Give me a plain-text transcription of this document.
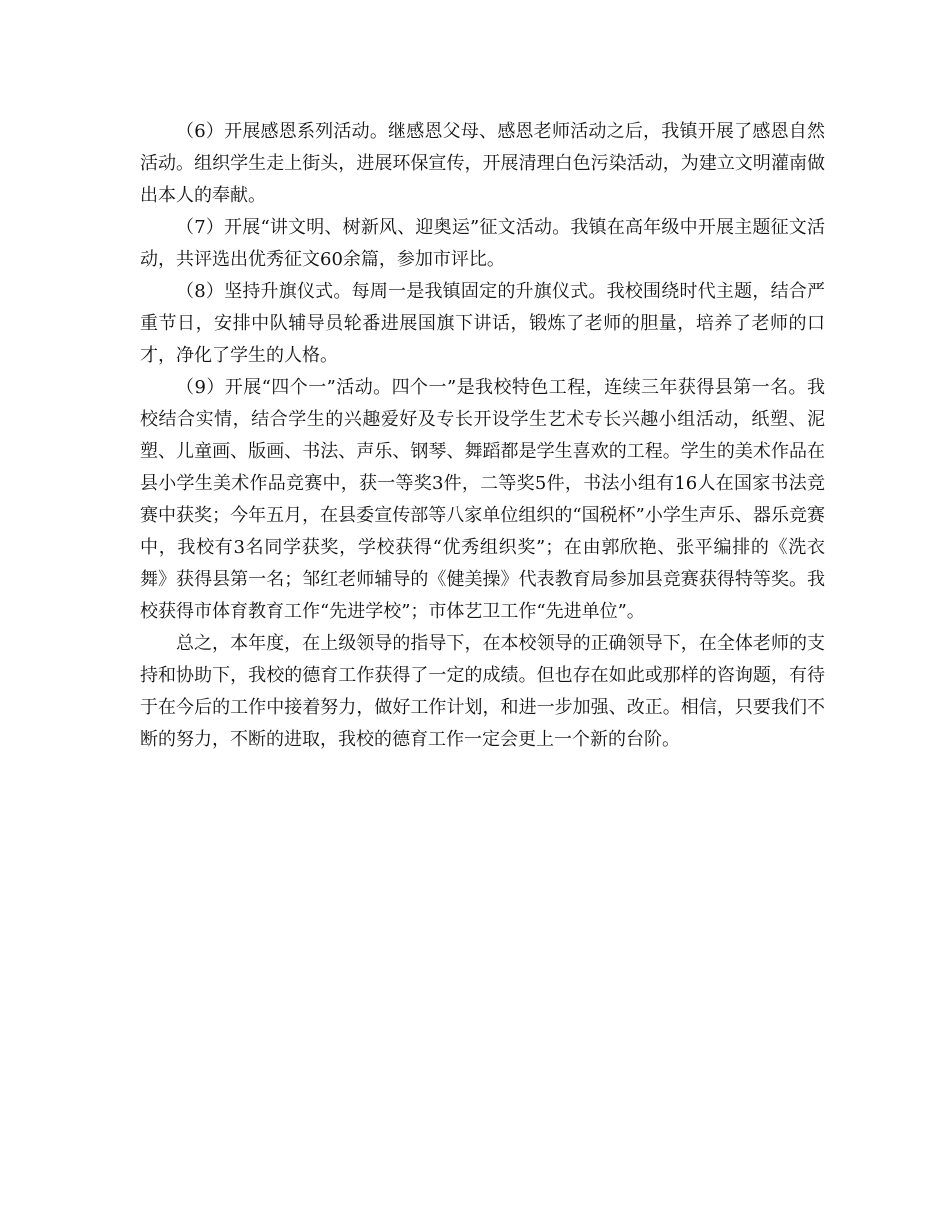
（6）开展感恩系列活动。继感恩父母、感恩老师活动之后，我镇开展了感恩自然活动。组织学生走上街头，进展环保宣传，开展清理白色污染活动，为建立文明灌南做出本人的奉献。

（7）开展“讲文明、树新风、迎奥运”征文活动。我镇在高年级中开展主题征文活动，共评选出优秀征文60余篇，参加市评比。

（8）坚持升旗仪式。每周一是我镇固定的升旗仪式。我校围绕时代主题，结合严重节日，安排中队辅导员轮番进展国旗下讲话，锻炼了老师的胆量，培养了老师的口才，净化了学生的人格。

（9）开展“四个一”活动。四个一”是我校特色工程，连续三年获得县第一名。我校结合实情，结合学生的兴趣爱好及专长开设学生艺术专长兴趣小组活动，纸塑、泥塑、儿童画、版画、书法、声乐、钢琴、舞蹈都是学生喜欢的工程。学生的美术作品在县小学生美术作品竞赛中，获一等奖3件，二等奖5件，书法小组有16人在国家书法竞赛中获奖；今年五月，在县委宣传部等八家单位组织的“国税杯”小学生声乐、器乐竞赛中，我校有3名同学获奖，学校获得“优秀组织奖”；在由郭欣艳、张平编排的《洗衣舞》获得县第一名；邹红老师辅导的《健美操》代表教育局参加县竞赛获得特等奖。我校获得市体育教育工作“先进学校”；市体艺卫工作“先进单位”。

总之，本年度，在上级领导的指导下，在本校领导的正确领导下，在全体老师的支持和协助下，我校的德育工作获得了一定的成绩。但也存在如此或那样的咨询题，有待于在今后的工作中接着努力，做好工作计划，和进一步加强、改正。相信，只要我们不断的努力，不断的进取，我校的德育工作一定会更上一个新的台阶。
